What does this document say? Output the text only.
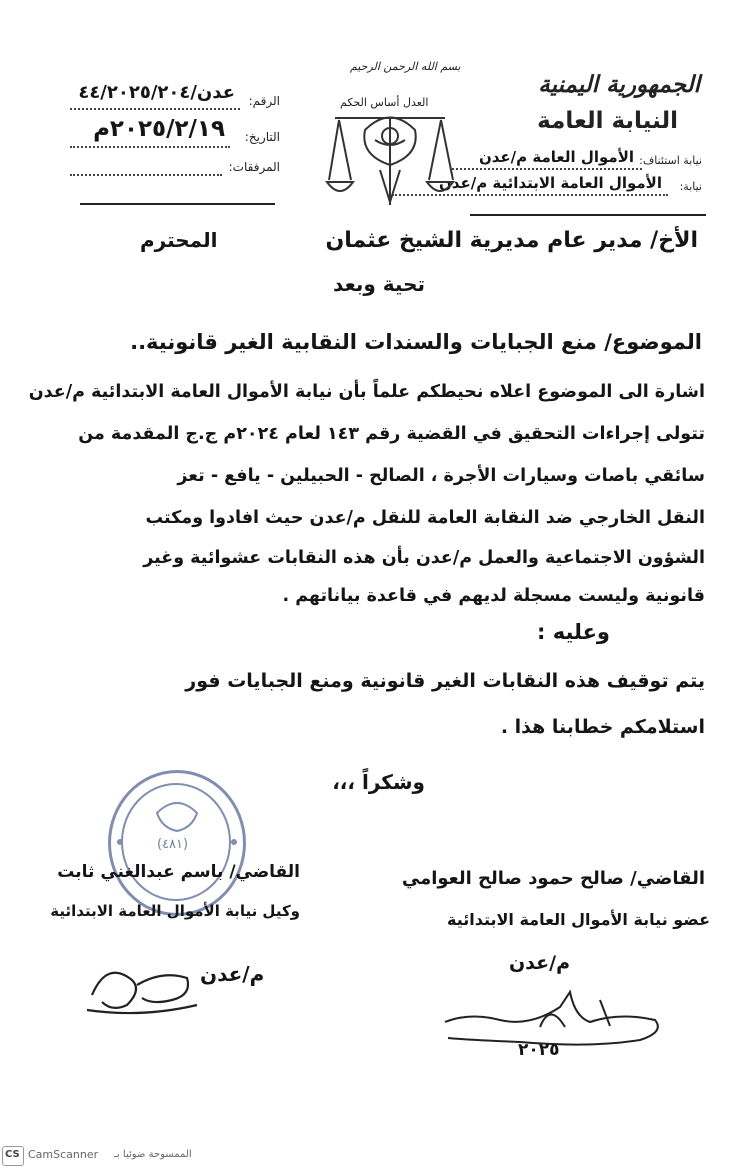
الجمهورية اليمنية
النيابة العامة
نيابة استئناف:
الأموال العامة م/عدن
نيابة:
الأموال العامة الابتدائية م/عدن
بسم الله الرحمن الرحيم
العدل أساس الحكم
الرقم:
عدن/٤٤/٢٠٢٥/٢٠٤
التاريخ:
٢٠٢٥/٢/١٩م
المرفقات:
الأخ/ مدير عام مديرية الشيخ عثمان
المحترم
تحية وبعد
الموضوع/ منع الجبايات والسندات النقابية الغير قانونية..
اشارة الى الموضوع اعلاه نحيطكم علماً بأن نيابة الأموال العامة الابتدائية م/عدن
تتولى إجراءات التحقيق في القضية رقم ١٤٣ لعام ٢٠٢٤م ج.ج المقدمة من
سائقي باصات وسيارات الأجرة ، الصالح - الحبيلين - يافع - تعز
النقل الخارجي ضد النقابة العامة للنقل م/عدن حيث افادوا ومكتب
الشؤون الاجتماعية والعمل م/عدن بأن هذه النقابات عشوائية وغير
قانونية وليست مسجلة لديهم في قاعدة بياناتهم .
وعليه :
يتم توقيف هذه النقابات الغير قانونية ومنع الجبايات فور
استلامكم خطابنا هذا .
وشكراً ،،،
(٤٨١)
القاضي/ صالح حمود صالح العوامي
عضو نيابة الأموال العامة الابتدائية
م/عدن
٢٠٢٥
القاضي/ باسم عبدالغني ثابت
وكيل نيابة الأموال العامة الابتدائية
م/عدن
CS CamScanner الممسوحة ضوئيا بـ
